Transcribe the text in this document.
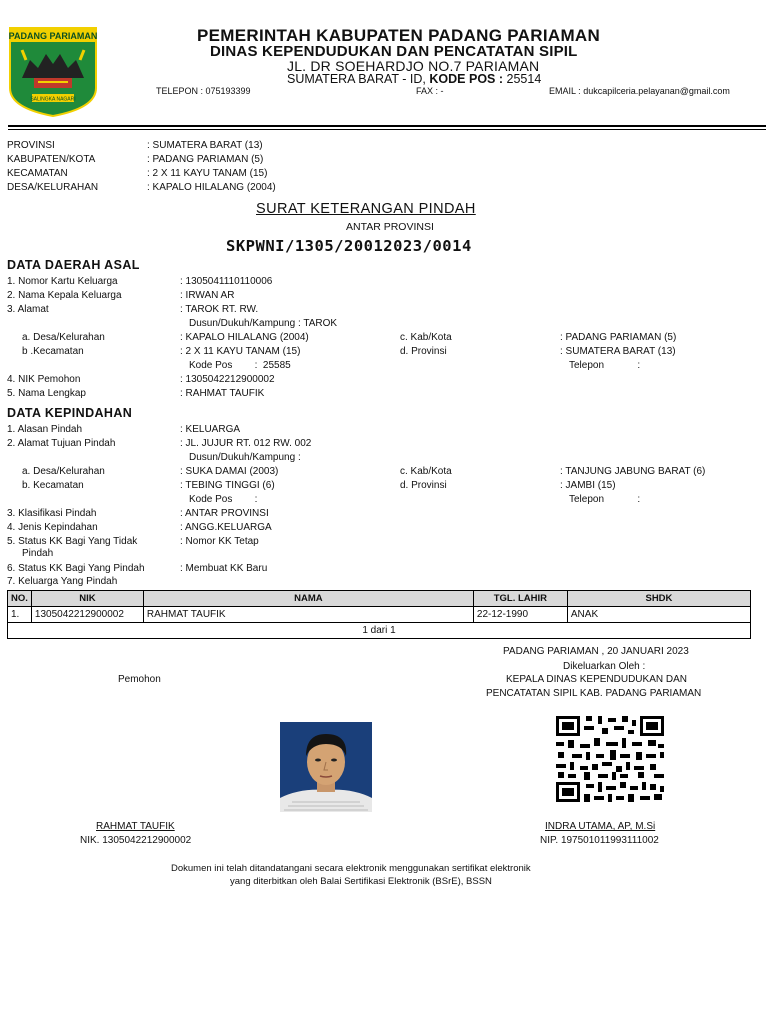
PADANG PARIAMAN
SALINGKA NAGARI
PEMERINTAH KABUPATEN PADANG PARIAMAN
DINAS KEPENDUDUKAN DAN PENCATATAN SIPIL
JL. DR SOEHARDJO NO.7 PARIAMAN
SUMATERA BARAT - ID, KODE POS : 25514
TELEPON : 075193399	FAX : -	EMAIL : dukcapilceria.pelayanan@gmail.com
PROVINSI	: SUMATERA BARAT (13)
KABUPATEN/KOTA	: PADANG PARIAMAN (5)
KECAMATAN	: 2 X 11 KAYU TANAM (15)
DESA/KELURAHAN	: KAPALO HILALANG (2004)
SURAT KETERANGAN PINDAH
ANTAR PROVINSI
SKPWNI/1305/20012023/0014
DATA DAERAH ASAL
1. Nomor Kartu Keluarga	: 1305041110110006
2. Nama Kepala Keluarga	: IRWAN AR
3. Alamat	: TAROK RT. RW.
Dusun/Dukuh/Kampung : TAROK
a. Desa/Kelurahan	: KAPALO HILALANG (2004)	c. Kab/Kota	: PADANG PARIAMAN (5)
b .Kecamatan	: 2 X 11 KAYU TANAM (15)	d. Provinsi	: SUMATERA BARAT (13)
Kode Pos        :  25585	Telepon            :
4. NIK Pemohon	: 1305042212900002
5. Nama Lengkap	: RAHMAT TAUFIK
DATA KEPINDAHAN
1. Alasan Pindah	: KELUARGA
2. Alamat Tujuan Pindah	: JL. JUJUR RT. 012 RW. 002
Dusun/Dukuh/Kampung :
a. Desa/Kelurahan	: SUKA DAMAI (2003)	c. Kab/Kota	: TANJUNG JABUNG BARAT (6)
b. Kecamatan	: TEBING TINGGI (6)	d. Provinsi	: JAMBI (15)
Kode Pos        :	Telepon            :
3. Klasifikasi Pindah	: ANTAR PROVINSI
4. Jenis Kepindahan	: ANGG.KELUARGA
5. Status KK Bagi Yang Tidak
Pindah
: Nomor KK Tetap
6. Status KK Bagi Yang Pindah	: Membuat KK Baru
7. Keluarga Yang Pindah
NO.	NIK	NAMA	TGL. LAHIR	SHDK
1.	1305042212900002	RAHMAT TAUFIK	22-12-1990	ANAK
1 dari 1				
PADANG PARIAMAN , 20 JANUARI 2023
Dikeluarkan Oleh :
KEPALA DINAS KEPENDUDUKAN DAN
PENCATATAN SIPIL KAB. PADANG PARIAMAN
Pemohon
RAHMAT TAUFIK
NIK. 1305042212900002
INDRA UTAMA, AP, M.Si
NIP. 197501011993111002
Dokumen ini telah ditandatangani secara elektronik menggunakan sertifikat elektronik
yang diterbitkan oleh Balai Sertifikasi Elektronik (BSrE), BSSN
